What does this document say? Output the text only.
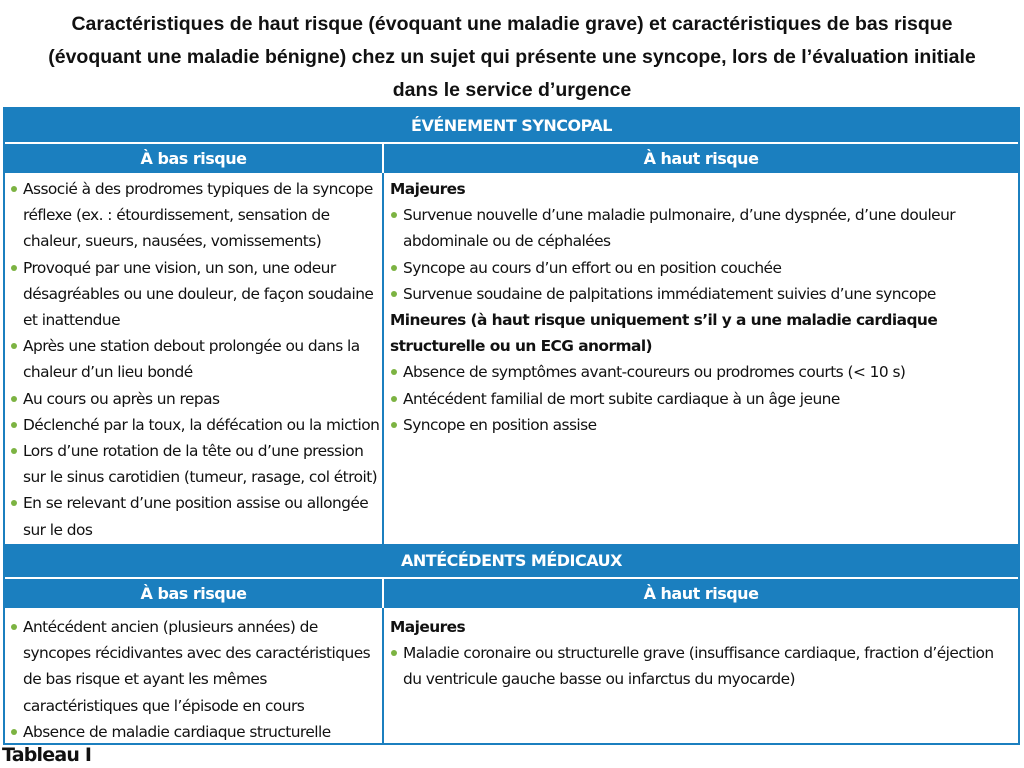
Caractéristiques de haut risque (évoquant une maladie grave) et caractéristiques de bas risque (évoquant une maladie bénigne) chez un sujet qui présente une syncope, lors de l’évaluation initiale dans le service d’urgence
ÉVÉNEMENT SYNCOPAL
À bas risque	À haut risque
Associé à des prodromes typiques de la syncope réflexe (ex. : étourdissement, sensation de chaleur, sueurs, nausées, vomissements)
Provoqué par une vision, un son, une odeur désagréables ou une douleur, de façon soudaine et inattendue
Après une station debout prolongée ou dans la chaleur d’un lieu bondé
Au cours ou après un repas
Déclenché par la toux, la défécation ou la miction
Lors d’une rotation de la tête ou d’une pression sur le sinus carotidien (tumeur, rasage, col étroit)
En se relevant d’une position assise ou allongée sur le dos
Majeures
Survenue nouvelle d’une maladie pulmonaire, d’une dyspnée, d’une douleur abdominale ou de céphalées
Syncope au cours d’un effort ou en position couchée
Survenue soudaine de palpitations immédiatement suivies d’une syncope
Mineures (à haut risque uniquement s’il y a une maladie cardiaque structurelle ou un ECG anormal)
Absence de symptômes avant-coureurs ou prodromes courts (< 10 s)
Antécédent familial de mort subite cardiaque à un âge jeune
Syncope en position assise
ANTÉCÉDENTS MÉDICAUX
À bas risque	À haut risque
Antécédent ancien (plusieurs années) de syncopes récidivantes avec des caractéristiques de bas risque et ayant les mêmes caractéristiques que l’épisode en cours
Absence de maladie cardiaque structurelle
Majeures
Maladie coronaire ou structurelle grave (insuffisance cardiaque, fraction d’éjection du ventricule gauche basse ou infarctus du myocarde)
Tableau I
